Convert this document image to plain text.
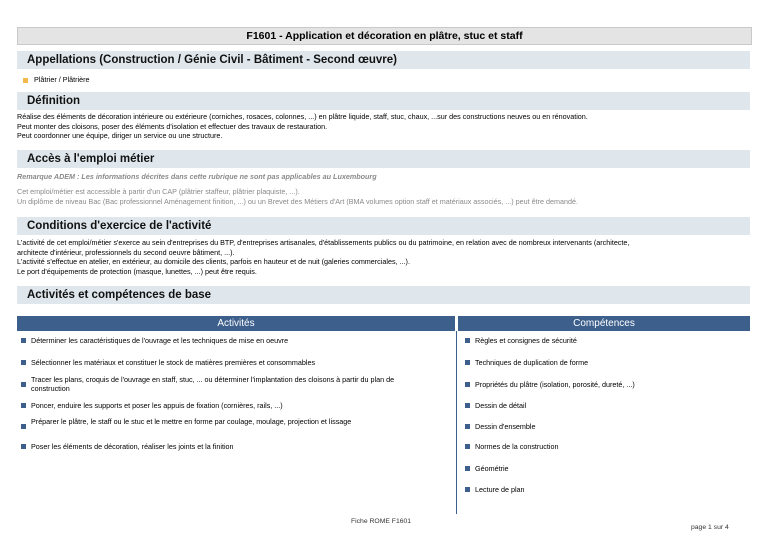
F1601 - Application et décoration en plâtre, stuc et staff
Appellations (Construction / Génie Civil - Bâtiment - Second œuvre)
Plâtrier / Plâtrière
Définition
Réalise des éléments de décoration intérieure ou extérieure (corniches, rosaces, colonnes, ...) en plâtre liquide, staff, stuc, chaux, ...sur des constructions neuves ou en rénovation.
Peut monter des cloisons, poser des éléments d'isolation et effectuer des travaux de restauration.
Peut coordonner une équipe, diriger un service ou une structure.
Accès à l'emploi métier
Remarque ADEM : Les informations décrites dans cette rubrique ne sont pas applicables au Luxembourg
Cet emploi/métier est accessible à partir d'un CAP (plâtrier staffeur, plâtrier plaquiste, ...).
Un diplôme de niveau Bac (Bac professionnel Aménagement finition, ...) ou un Brevet des Métiers d'Art (BMA volumes option staff et matériaux associés, ...) peut être demandé.
Conditions d'exercice de l'activité
L'activité de cet emploi/métier s'exerce au sein d'entreprises du BTP, d'entreprises artisanales, d'établissements publics ou du patrimoine, en relation avec de nombreux intervenants (architecte,
architecte d'intérieur, professionnels du second oeuvre bâtiment, ...).
L'activité s'effectue en atelier, en extérieur, au domicile des clients, parfois en hauteur et de nuit (galeries commerciales, ...).
Le port d'équipements de protection (masque, lunettes, ...) peut être requis.
Activités et compétences de base
Activités	Compétences
Déterminer les caractéristiques de l'ouvrage et les techniques de mise en oeuvre
Sélectionner les matériaux et constituer le stock de matières premières et consommables
Tracer les plans, croquis de l'ouvrage en staff, stuc, ... ou déterminer l'implantation des cloisons à partir du plan de construction
Poncer, enduire les supports et poser les appuis de fixation (cornières, rails, ...)
Préparer le plâtre, le staff ou le stuc et le mettre en forme par coulage, moulage, projection et lissage
Poser les éléments de décoration, réaliser les joints et la finition
Règles et consignes de sécurité
Techniques de duplication de forme
Propriétés du plâtre (isolation, porosité, dureté, ...)
Dessin de détail
Dessin d'ensemble
Normes de la construction
Géométrie
Lecture de plan
Fiche ROME F1601
page 1 sur 4
